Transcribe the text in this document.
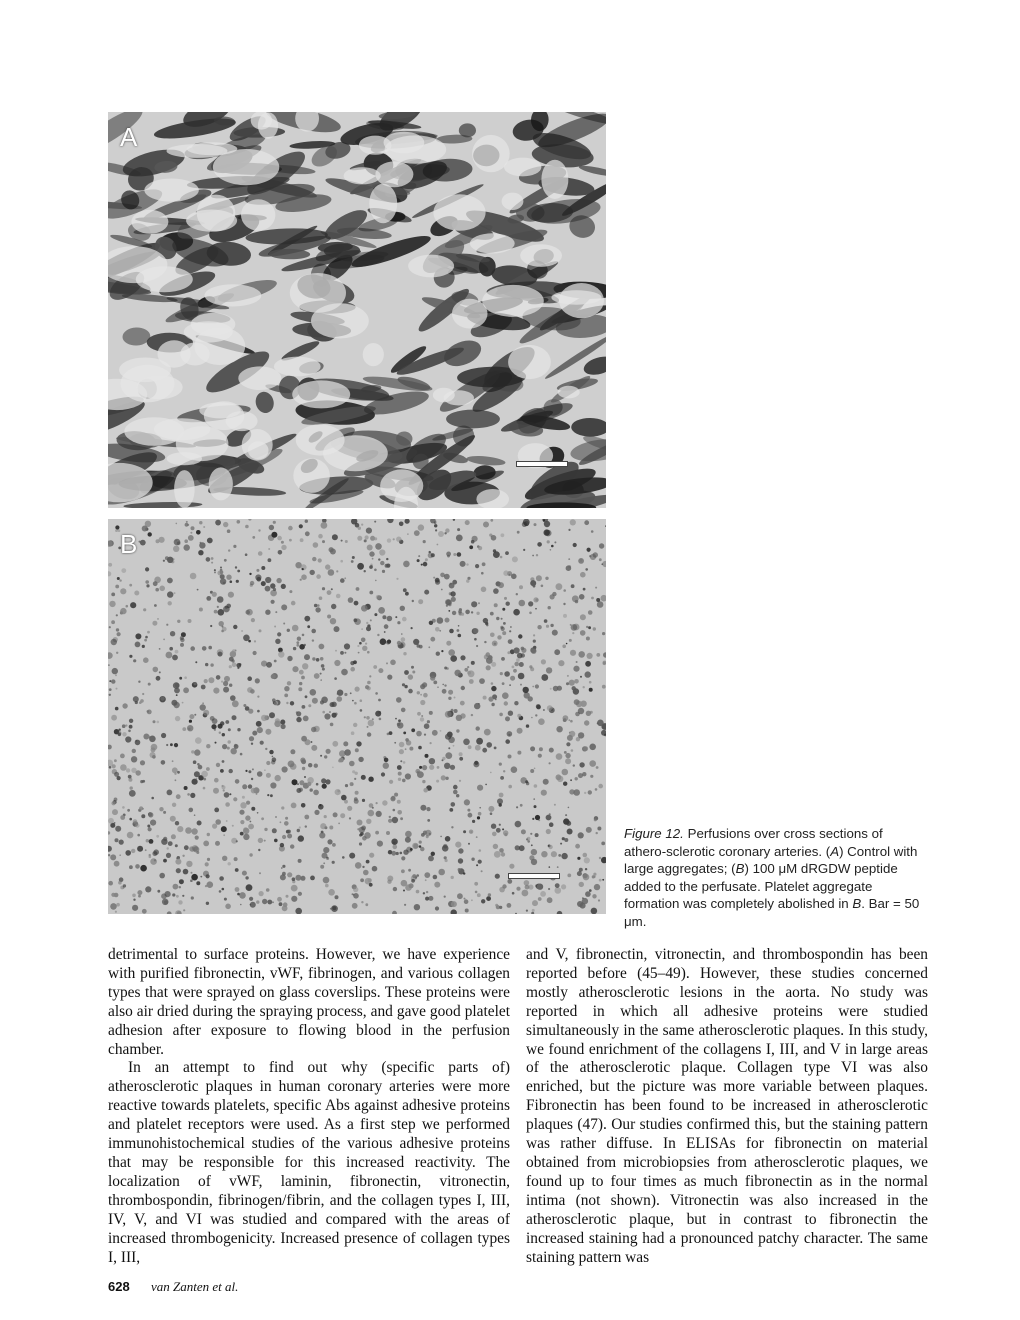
A
B
Figure 12. Perfusions over cross sections of athero-sclerotic coronary arteries. (A) Control with large aggregates; (B) 100 μM dRGDW peptide added to the perfusate. Platelet aggregate formation was completely abolished in B. Bar = 50 μm.

detrimental to surface proteins. However, we have experience with purified fibronectin, vWF, fibrinogen, and various collagen types that were sprayed on glass coverslips. These proteins were also air dried during the spraying process, and gave good platelet adhesion after exposure to flowing blood in the perfusion chamber.

In an attempt to find out why (specific parts of) atherosclerotic plaques in human coronary arteries were more reactive towards platelets, specific Abs against adhesive proteins and platelet receptors were used. As a first step we performed immunohistochemical studies of the various adhesive proteins that may be responsible for this increased reactivity. The localization of vWF, laminin, fibronectin, vitronectin, thrombospondin, fibrinogen/fibrin, and the collagen types I, III, IV, V, and VI was studied and compared with the areas of increased thrombogenicity. Increased presence of collagen types I, III,

and V, fibronectin, vitronectin, and thrombospondin has been reported before (45–49). However, these studies concerned mostly atherosclerotic lesions in the aorta. No study was reported in which all adhesive proteins were studied simultaneously in the same atherosclerotic plaques. In this study, we found enrichment of the collagens I, III, and V in large areas of the atherosclerotic plaque. Collagen type VI was also enriched, but the picture was more variable between plaques. Fibronectin has been found to be increased in atherosclerotic plaques (47). Our studies confirmed this, but the staining pattern was rather diffuse. In ELISAs for fibronectin on material obtained from microbiopsies from atherosclerotic plaques, we found up to four times as much fibronectin as in the normal intima (not shown). Vitronectin was also increased in the atherosclerotic plaque, but in contrast to fibronectin the increased staining had a pronounced patchy character. The same staining pattern was

628 van Zanten et al.
